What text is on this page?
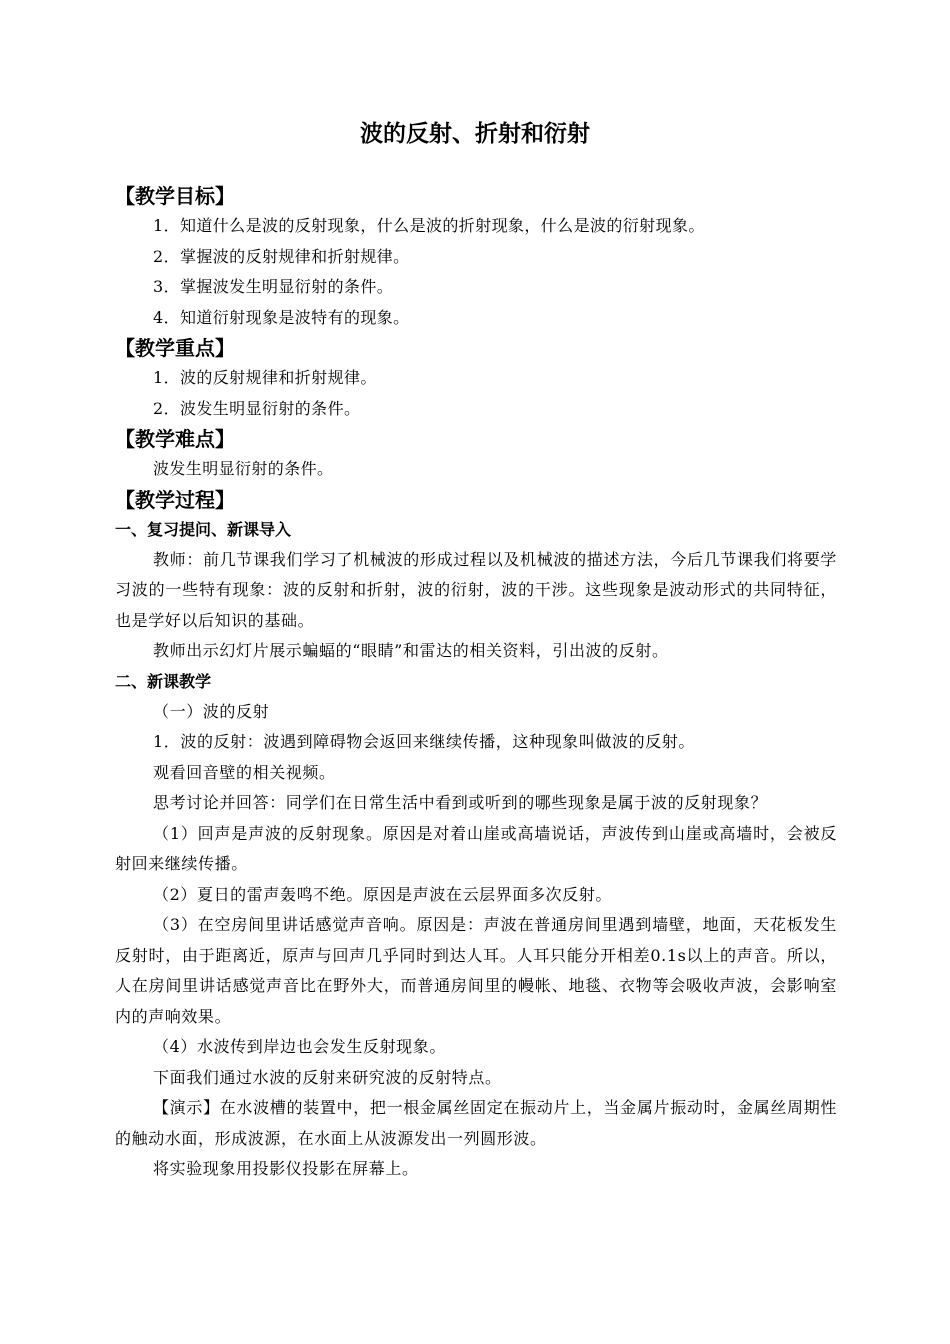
波的反射、折射和衍射
【教学目标】
1．知道什么是波的反射现象，什么是波的折射现象，什么是波的衍射现象。
2．掌握波的反射规律和折射规律。
3．掌握波发生明显衍射的条件。
4．知道衍射现象是波特有的现象。
【教学重点】
1．波的反射规律和折射规律。
2．波发生明显衍射的条件。
【教学难点】
波发生明显衍射的条件。
【教学过程】
一、复习提问、新课导入
教师：前几节课我们学习了机械波的形成过程以及机械波的描述方法，今后几节课我们将要学习波的一些特有现象：波的反射和折射，波的衍射，波的干涉。这些现象是波动形式的共同特征，也是学好以后知识的基础。
教师出示幻灯片展示蝙蝠的“眼睛”和雷达的相关资料，引出波的反射。
二、新课教学
（一）波的反射
1．波的反射：波遇到障碍物会返回来继续传播，这种现象叫做波的反射。
观看回音壁的相关视频。
思考讨论并回答：同学们在日常生活中看到或听到的哪些现象是属于波的反射现象？
（1）回声是声波的反射现象。原因是对着山崖或高墙说话，声波传到山崖或高墙时，会被反射回来继续传播。
（2）夏日的雷声轰鸣不绝。原因是声波在云层界面多次反射。
（3）在空房间里讲话感觉声音响。原因是：声波在普通房间里遇到墙壁，地面，天花板发生反射时，由于距离近，原声与回声几乎同时到达人耳。人耳只能分开相差0.1s以上的声音。所以，人在房间里讲话感觉声音比在野外大，而普通房间里的幔帐、地毯、衣物等会吸收声波，会影响室内的声响效果。
（4）水波传到岸边也会发生反射现象。
下面我们通过水波的反射来研究波的反射特点。
【演示】在水波槽的装置中，把一根金属丝固定在振动片上，当金属片振动时，金属丝周期性的触动水面，形成波源，在水面上从波源发出一列圆形波。
将实验现象用投影仪投影在屏幕上。
